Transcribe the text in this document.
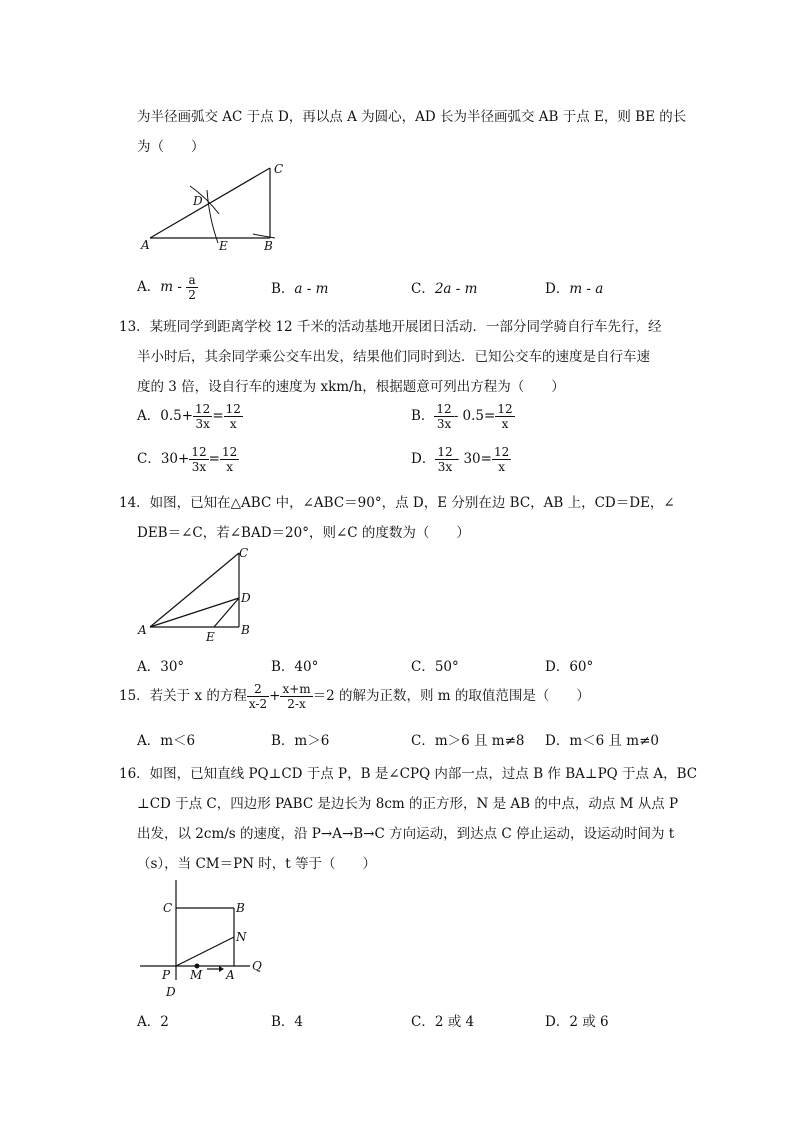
为半径画弧交 AC 于点 D，再以点 A 为圆心，AD 长为半径画弧交 AB 于点 E，则 BE 的长
为（　　）
C
D
A	E	B
A．m - $\frac{a}{2}$	B．a - m	C．2a - m	D．m - a
13．某班同学到距离学校 12 千米的活动基地开展团日活动．一部分同学骑自行车先行，经
半小时后，其余同学乘公交车出发，结果他们同时到达．已知公交车的速度是自行车速
度的 3 倍，设自行车的速度为 xkm/h，根据题意可列出方程为（　　）
A．$0.5+ \frac{12}{3x} = \frac{12}{x}$	B． $\frac{12}{3x} - 0.5= \frac{12}{x}$
C．$30+ \frac{12}{3x} = \frac{12}{x}$	D． $\frac{12}{3x} - 30= \frac{12}{x}$
14．如图，已知在△ABC 中，∠ABC＝90°，点 D，E 分别在边 BC，AB 上，CD＝DE，∠
DEB＝∠C，若∠BAD＝20°，则∠C 的度数为（　　）
C
D
A	E B
A．30°	B．40°	C．50°	D．60°
15．若关于 x 的方程 $\frac{2}{x-2} + \frac{x+m}{2-x} =2$ 的解为正数，则 m 的取值范围是（　　）
A．m＜6	B．m＞6	C．m＞6 且 m≠8 D．m＜6 且 m≠0
16．如图，已知直线 PQ⊥CD 于点 P，B 是∠CPQ 内部一点，过点 B 作 BA⊥PQ 于点 A，BC
⊥CD 于点 C，四边形 PABC 是边长为 8cm 的正方形，N 是 AB 的中点，动点 M 从点 P
出发，以 2cm/s 的速度，沿 P→A→B→C 方向运动，到达点 C 停止运动，设运动时间为 t
（s），当 CM＝PN 时，t 等于（　　）
C	B
N
P M A
Q
D
A．2	B．4	C．2 或 4	D．2 或 6
